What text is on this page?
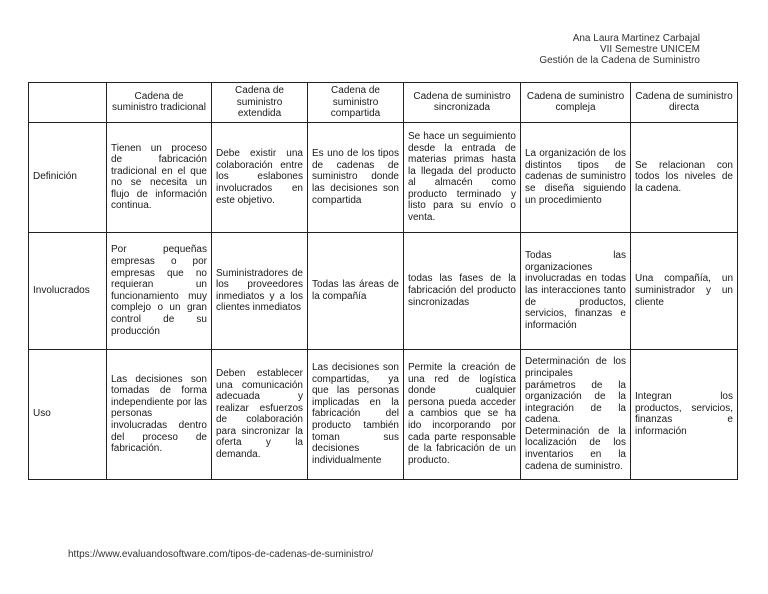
Ana Laura Martinez Carbajal
VII Semestre UNICEM
Gestión de la Cadena de Suministro
	Cadena de suministro tradicional	Cadena de suministro extendida	Cadena de suministro compartida	Cadena de suministro sincronizada	Cadena de suministro compleja	Cadena de suministro directa
Definición	Tienen un proceso de fabricación tradicional en el que no se necesita un flujo de información continua.	Debe existir una colaboración entre los eslabones involucrados en este objetivo.	Es uno de los tipos de cadenas de suministro donde las decisiones son compartida	Se hace un seguimiento desde la entrada de materias primas hasta la llegada del producto al almacén como producto terminado y listo para su envío o venta.	La organización de los distintos tipos de cadenas de suministro se diseña siguiendo un procedimiento	Se relacionan con todos los niveles de la cadena.
Involucrados	Por pequeñas empresas o por empresas que no requieran un funcionamiento muy complejo o un gran control de su producción	Suministradores de los proveedores inmediatos y a los clientes inmediatos	Todas las áreas de la compañía	todas las fases de la fabricación del producto sincronizadas	Todas las organizaciones involucradas en todas las interacciones tanto de productos, servicios, finanzas e información	Una compañía, un suministrador y un cliente
Uso	Las decisiones son tomadas de forma independiente por las personas involucradas dentro del proceso de fabricación.	Deben establecer una comunicación adecuada y realizar esfuerzos de colaboración para sincronizar la oferta y la demanda.	Las decisiones son compartidas, ya que las personas implicadas en la fabricación del producto también toman sus decisiones individualmente	Permite la creación de una red de logística donde cualquier persona pueda acceder a cambios que se ha ido incorporando por cada parte responsable de la fabricación de un producto.	Determinación de los principales parámetros de la organización de la integración de la cadena. Determinación de la localización de los inventarios en la cadena de suministro.	Integran los productos, servicios, finanzas e información
https://www.evaluandosoftware.com/tipos-de-cadenas-de-suministro/
